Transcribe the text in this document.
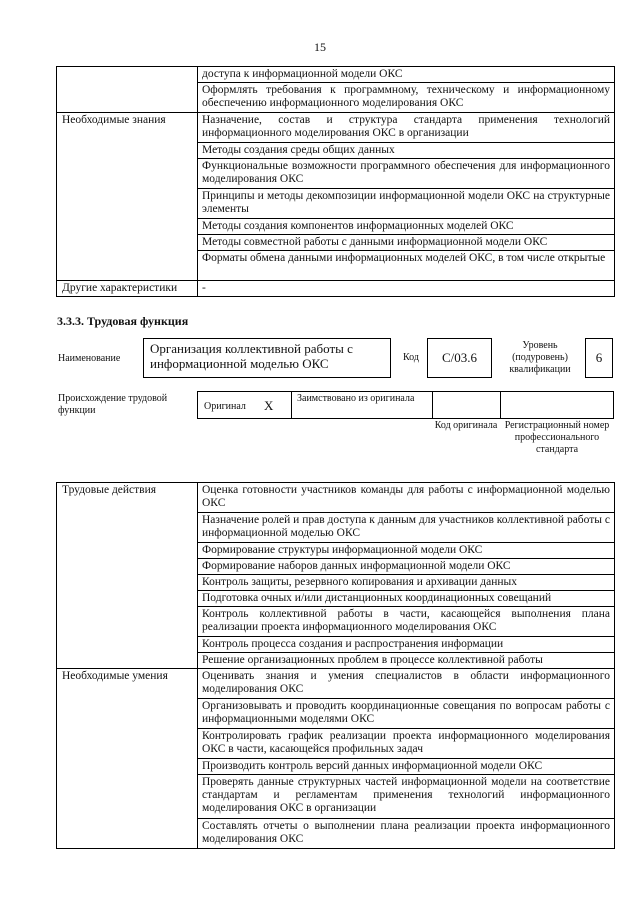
15
	доступа к информационной модели ОКС
	Оформлять требования к программному, техническому и информационному обеспечению информационного моделирования ОКС
Необходимые знания	Назначение, состав и структура стандарта применения технологий информационного моделирования ОКС в организации
	Методы создания среды общих данных
	Функциональные возможности программного обеспечения для информационного моделирования ОКС
	Принципы и методы декомпозиции информационной модели ОКС на структурные элементы
	Методы создания компонентов информационных моделей ОКС
	Методы совместной работы с данными информационной модели ОКС
	Форматы обмена данными информационных моделей ОКС, в том числе открытые
Другие характеристики	-
3.3.3. Трудовая функция
Наименование
Организация коллективной работы с информационной моделью ОКС	Код	C/03.6
Уровень (подуровень) квалификации
6
Происхождение трудовой функции	Оригинал X Заимствовано из оригинала
Код оригинала Регистрационный номер профессионального стандарта
Трудовые действия	Оценка готовности участников команды для работы с информационной моделью ОКС
	Назначение ролей и прав доступа к данным для участников коллективной работы с информационной моделью ОКС
	Формирование структуры информационной модели ОКС
	Формирование наборов данных информационной модели ОКС
	Контроль защиты, резервного копирования и архивации данных
	Подготовка очных и/или дистанционных координационных совещаний
	Контроль коллективной работы в части, касающейся выполнения плана реализации проекта информационного моделирования ОКС
	Контроль процесса создания и распространения информации
	Решение организационных проблем в процессе коллективной работы
Необходимые умения	Оценивать знания и умения специалистов в области информационного моделирования ОКС
	Организовывать и проводить координационные совещания по вопросам работы с информационными моделями ОКС
	Контролировать график реализации проекта информационного моделирования ОКС в части, касающейся профильных задач
	Производить контроль версий данных информационной модели ОКС
	Проверять данные структурных частей информационной модели на соответствие стандартам и регламентам применения технологий информационного моделирования ОКС в организации
	Составлять отчеты о выполнении плана реализации проекта информационного моделирования ОКС
